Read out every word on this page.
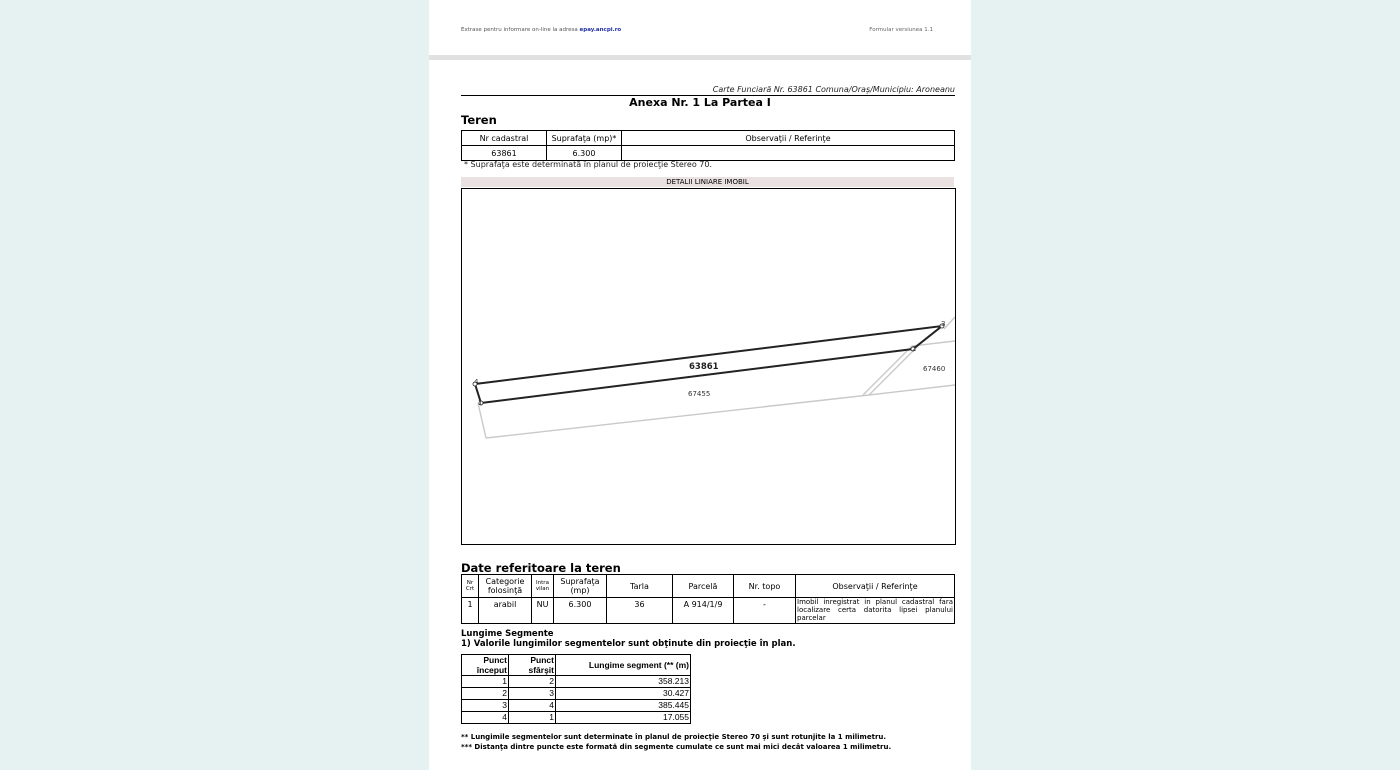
Extrase pentru informare on-line la adresa epay.ancpi.ro	Formular versiunea 1.1
Carte Funciară Nr. 63861 Comuna/Oraş/Municipiu: Aroneanu
Anexa Nr. 1 La Partea I
Teren
Nr cadastral	Suprafaţa (mp)*	Observaţii / Referinţe
63861	6.300	
* Suprafaţa este determinată în planul de proiecţie Stereo 70.
DETALII LINIARE IMOBIL
1
2
3
4
63861
67455
67460
Date referitoare la teren
Nr Crt	Categorie folosinţă	Intra vilan	Suprafaţa (mp)	Tarla	Parcelă	Nr. topo	Observaţii / Referinţe
1	arabil	NU	6.300	36	A 914/1/9	-	Imobil inregistrat in planul cadastral fara localizare certa datorita lipsei planului parcelar
Lungime Segmente
1) Valorile lungimilor segmentelor sunt obţinute din proiecţie în plan.
Punct început	Punct sfârşit	Lungime segment (** (m)
1	2	358.213
2	3	30.427
3	4	385.445
4	1	17.055
** Lungimile segmentelor sunt determinate în planul de proiecţie Stereo 70 şi sunt rotunjite la 1 milimetru.
*** Distanţa dintre puncte este formată din segmente cumulate ce sunt mai mici decât valoarea 1 milimetru.
